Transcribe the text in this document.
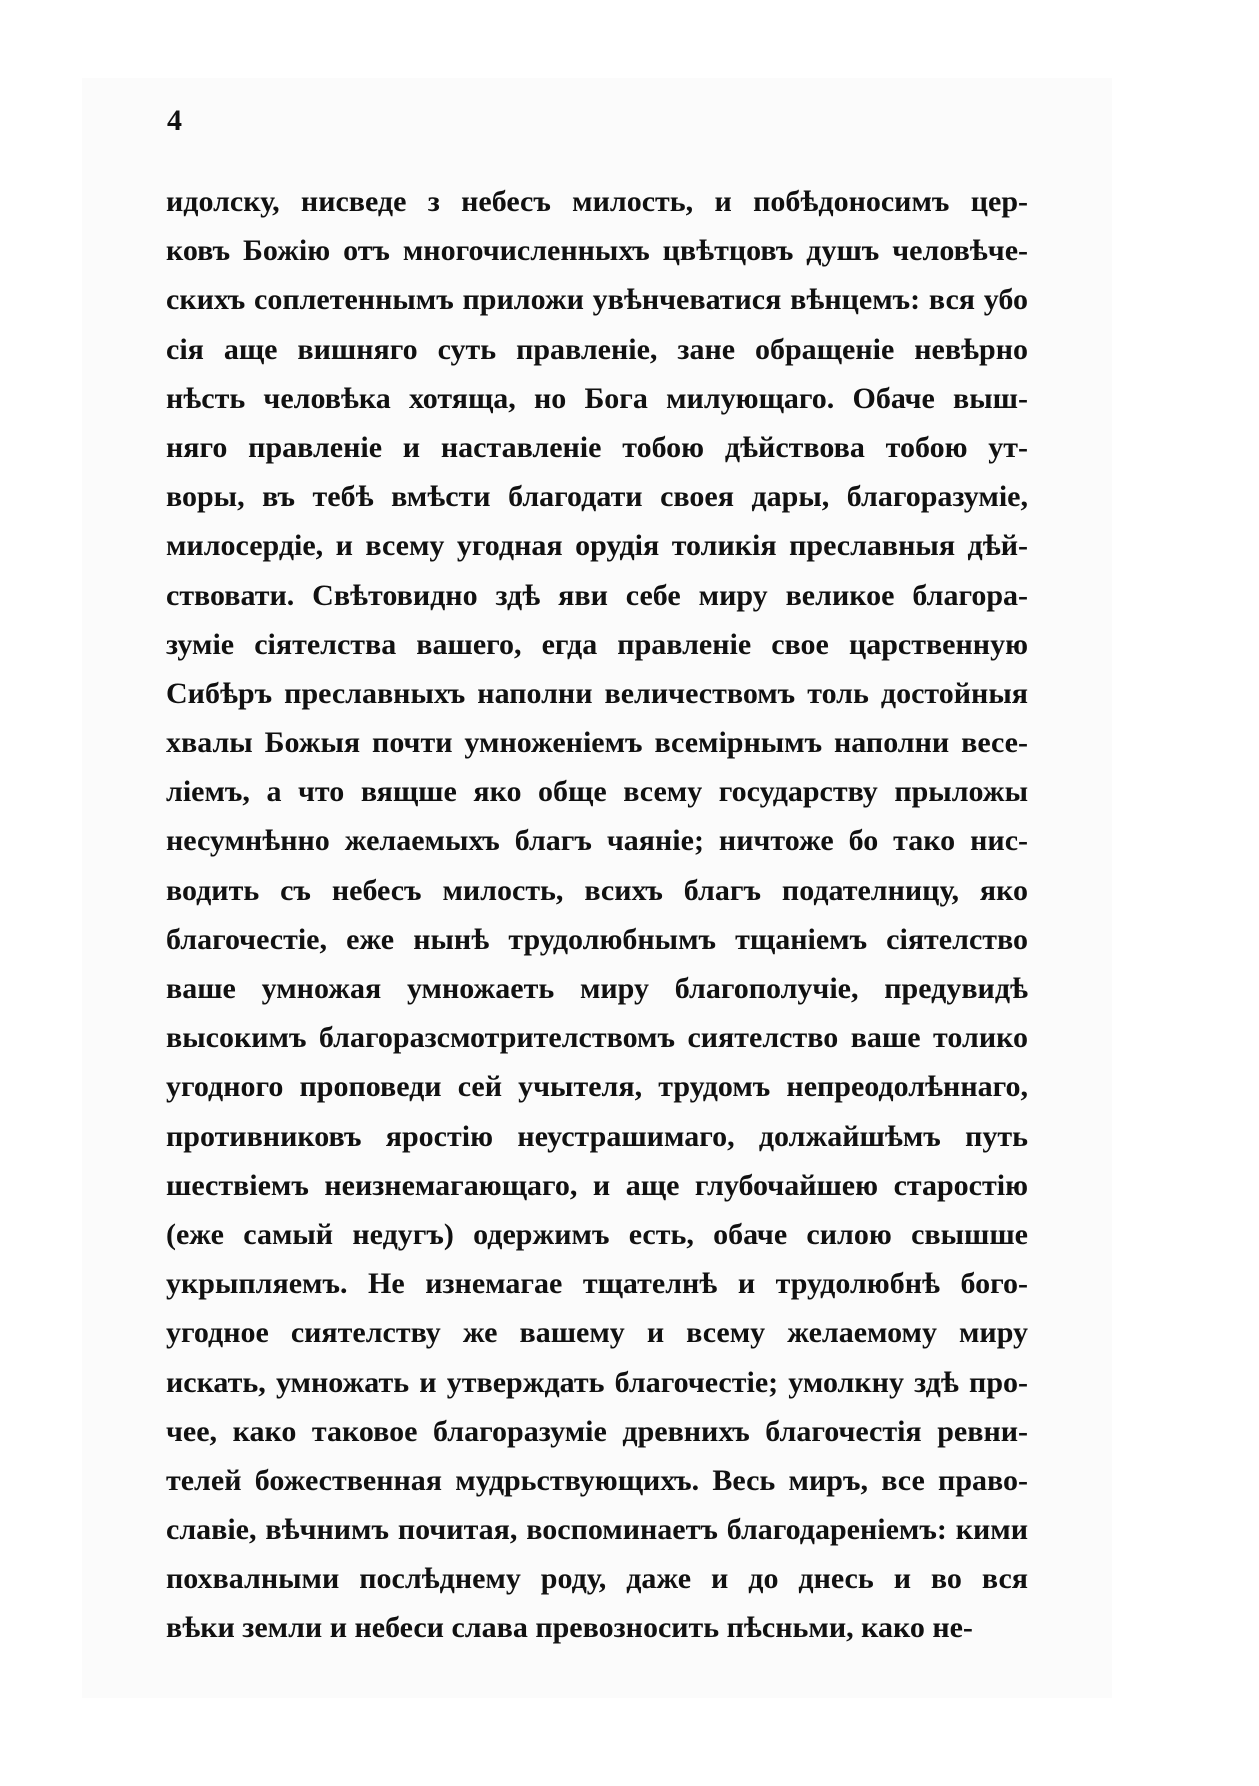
4
идолску, нисведе з небесъ милость, и побѣдоносимъ цер-
ковъ Божiю отъ многочисленныхъ цвѣтцовъ душъ человѣче-
скихъ соплетеннымъ приложи увѣнчеватися вѣнцемъ: вся убо
сiя аще вишняго суть правленiе, зане обращенiе невѣрно
нѣсть человѣка хотяща, но Бога милующаго. Обаче выш-
няго правленiе и наставленiе тобою дѣйствова тобою ут-
воры, въ тебѣ вмѣсти благодати своея дары, благоразумiе,
милосердiе, и всему угодная орудiя толикiя преславныя дѣй-
ствовати. Свѣтовидно здѣ яви себе миру великое благора-
зумiе сiятелства вашего, егда правленiе свое царственную
Сибѣръ преславныхъ наполни величествомъ толь достойныя
хвалы Божыя почти умноженiемъ всемiрнымъ наполни весе-
лiемъ, а что вящше яко обще всему государству прыложы
несумнѣнно желаемыхъ благъ чаянiе; ничтоже бо тако нис-
водить съ небесъ милость, всихъ благъ подателницу, яко
благочестiе, еже нынѣ трудолюбнымъ тщанiемъ сiятелство
ваше умножая умножаеть миру благополучiе, предувидѣ
высокимъ благоразсмотрителствомъ сиятелство ваше толико
угодного проповеди сей учытеля, трудомъ непреодолѣннаго,
противниковъ яростiю неустрашимаго, должайшѣмъ путь
шествiемъ неизнемагающаго, и аще глубочайшею старостiю
(еже самый недугъ) одержимъ есть, обаче силою свышше
укрыпляемъ. Не изнемагае тщателнѣ и трудолюбнѣ бого-
угодное сиятелству же вашему и всему желаемому миру
искать, умножать и утверждать благочестiе; умолкну здѣ про-
чее, како таковое благоразумiе древнихъ благочестiя ревни-
телей божественная мудрьствующихъ. Весь миръ, все право-
славiе, вѣчнимъ почитая, воспоминаетъ благодаренiемъ: кими
похвалными послѣднему роду, даже и до днесь и во вся
вѣки земли и небеси слава превозносить пѣсньми, како не-
